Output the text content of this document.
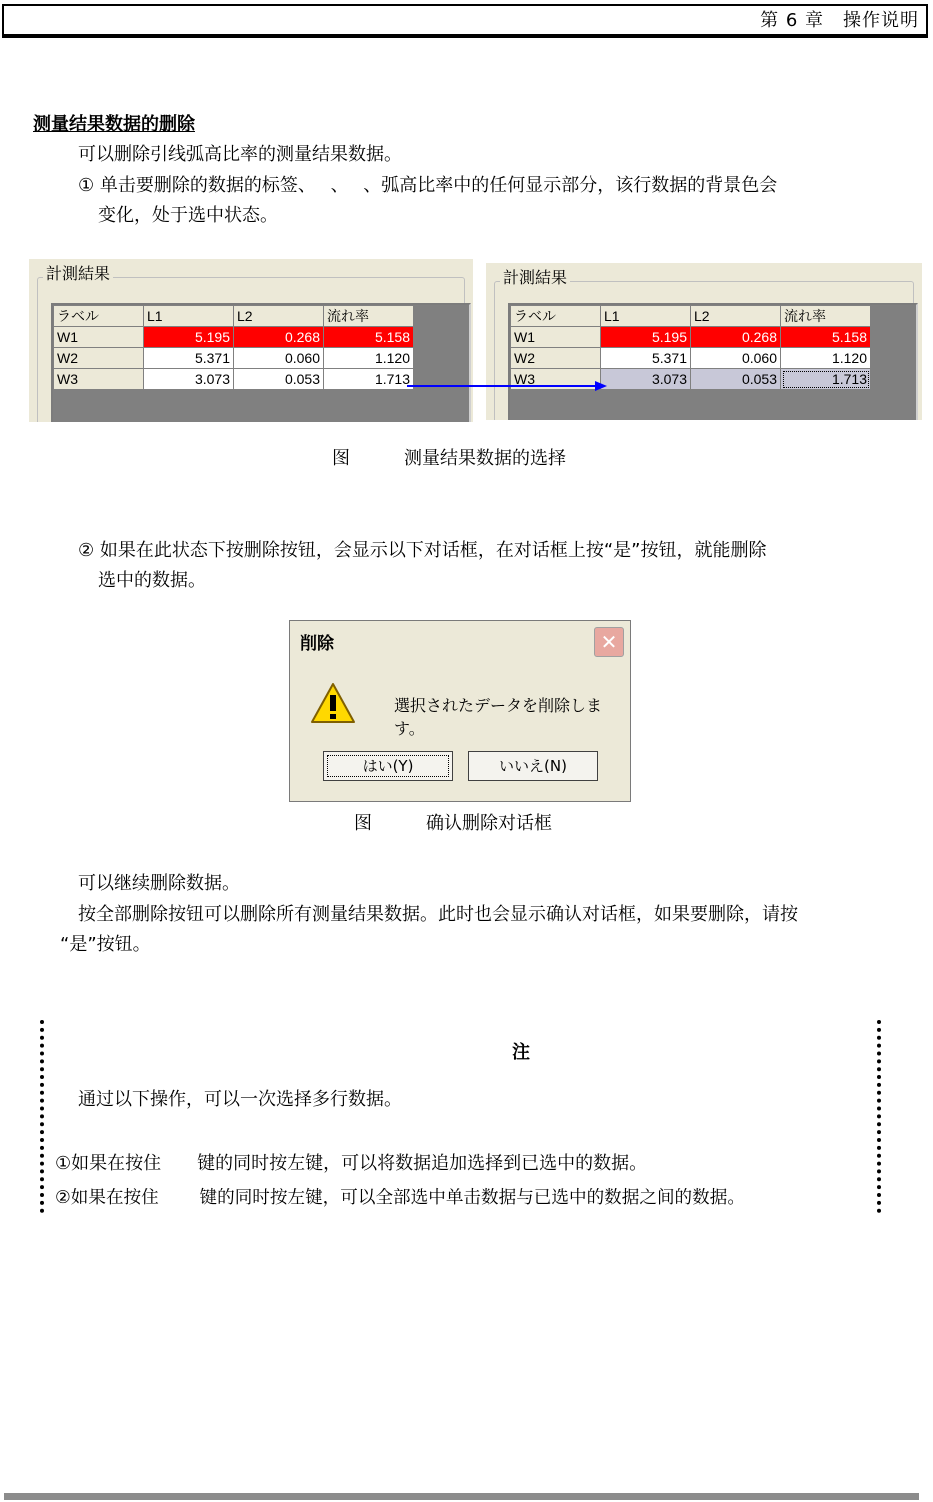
第 6 章　操作说明
测量结果数据的删除
可以删除引线弧高比率的测量结果数据。
① 单击要删除的数据的标签、　 、　 、弧高比率中的任何显示部分，该行数据的背景色会
变化，处于选中状态。
計測結果
ラベル	L1	L2	流れ率
W1	5.195	0.268	5.158
W2	5.371	0.060	1.120
W3	3.073	0.053	1.713
計測結果
ラベル	L1	L2	流れ率
W1	5.195	0.268	5.158
W2	5.371	0.060	1.120
W3	3.073	0.053	1.713
图　　　测量结果数据的选择
② 如果在此状态下按删除按钮，会显示以下对话框，在对话框上按“是”按钮，就能删除
选中的数据。
削除	✕
選択されたデータを削除します。
はい(Y)	いいえ(N)
图　　　确认删除对话框
可以继续删除数据。
按全部删除按钮可以删除所有测量结果数据。此时也会显示确认对话框，如果要删除，请按
“是”按钮。
注
通过以下操作，可以一次选择多行数据。
①如果在按住　　键的同时按左键，可以将数据追加选择到已选中的数据。
②如果在按住　　 键的同时按左键，可以全部选中单击数据与已选中的数据之间的数据。
